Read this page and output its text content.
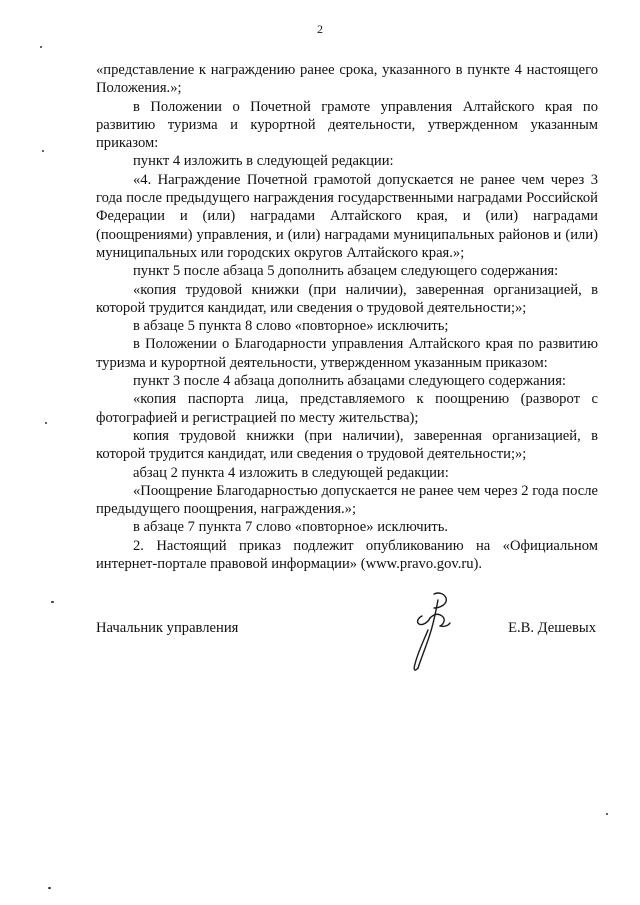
2

«представление к награждению ранее срока, указанного в пункте 4 настоящего Положения.»;

в Положении о Почетной грамоте управления Алтайского края по развитию туризма и курортной деятельности, утвержденном указанным приказом:

пункт 4 изложить в следующей редакции:

«4. Награждение Почетной грамотой допускается не ранее чем через 3 года после предыдущего награждения государственными наградами Российской Федерации и (или) наградами Алтайского края, и (или) наградами (поощрениями) управления, и (или) наградами муниципальных районов и (или) муниципальных или городских округов Алтайского края.»;

пункт 5 после абзаца 5 дополнить абзацем следующего содержания:

«копия трудовой книжки (при наличии), заверенная организацией, в которой трудится кандидат, или сведения о трудовой деятельности;»;

в абзаце 5 пункта 8 слово «повторное» исключить;

в Положении о Благодарности управления Алтайского края по развитию туризма и курортной деятельности, утвержденном указанным приказом:

пункт 3 после 4 абзаца дополнить абзацами следующего содержания:

«копия паспорта лица, представляемого к поощрению (разворот с фотографией и регистрацией по месту жительства);

копия трудовой книжки (при наличии), заверенная организацией, в которой трудится кандидат, или сведения о трудовой деятельности;»;

абзац 2 пункта 4 изложить в следующей редакции:

«Поощрение Благодарностью допускается не ранее чем через 2 года после предыдущего поощрения, награждения.»;

в абзаце 7 пункта 7 слово «повторное» исключить.

2. Настоящий приказ подлежит опубликованию на «Официальном интернет-портале правовой информации» (www.pravo.gov.ru).

Начальник управления	Е.В. Дешевых
